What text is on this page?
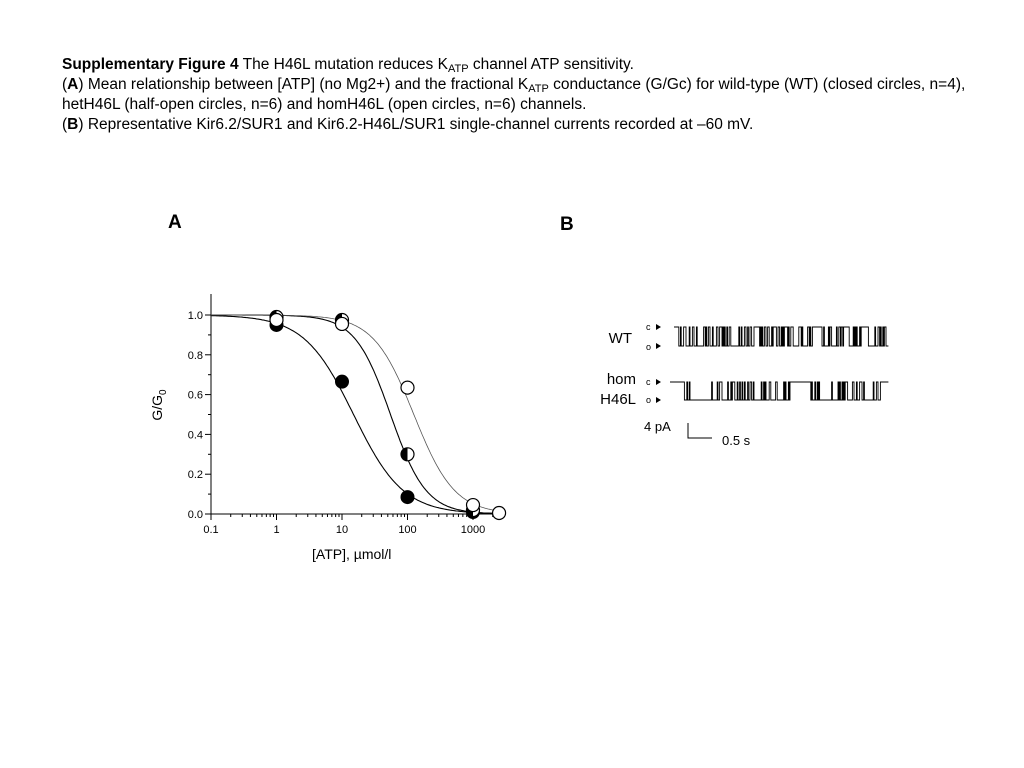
Supplementary Figure 4 The H46L mutation reduces $K_{ATP}$ channel ATP sensitivity.

(A) Mean relationship between [ATP] (no Mg2+) and the fractional $K_{ATP}$ conductance (G/Gc) for wild-type (WT) (closed circles, n=4), hetH46L (half-open circles, n=6) and homH46L (open circles, n=6) channels.

(B) Representative Kir6.2/SUR1 and Kir6.2-H46L/SUR1 single-channel currents recorded at –60 mV.

A	B
0.1	1	10	100	1000
0.0
0.2
0.4
0.6
0.8
1.0
$G/G_0$
[ATP], µmol/l
WT
hom
H46L
c
o
c
o
4 pA
0.5 s
